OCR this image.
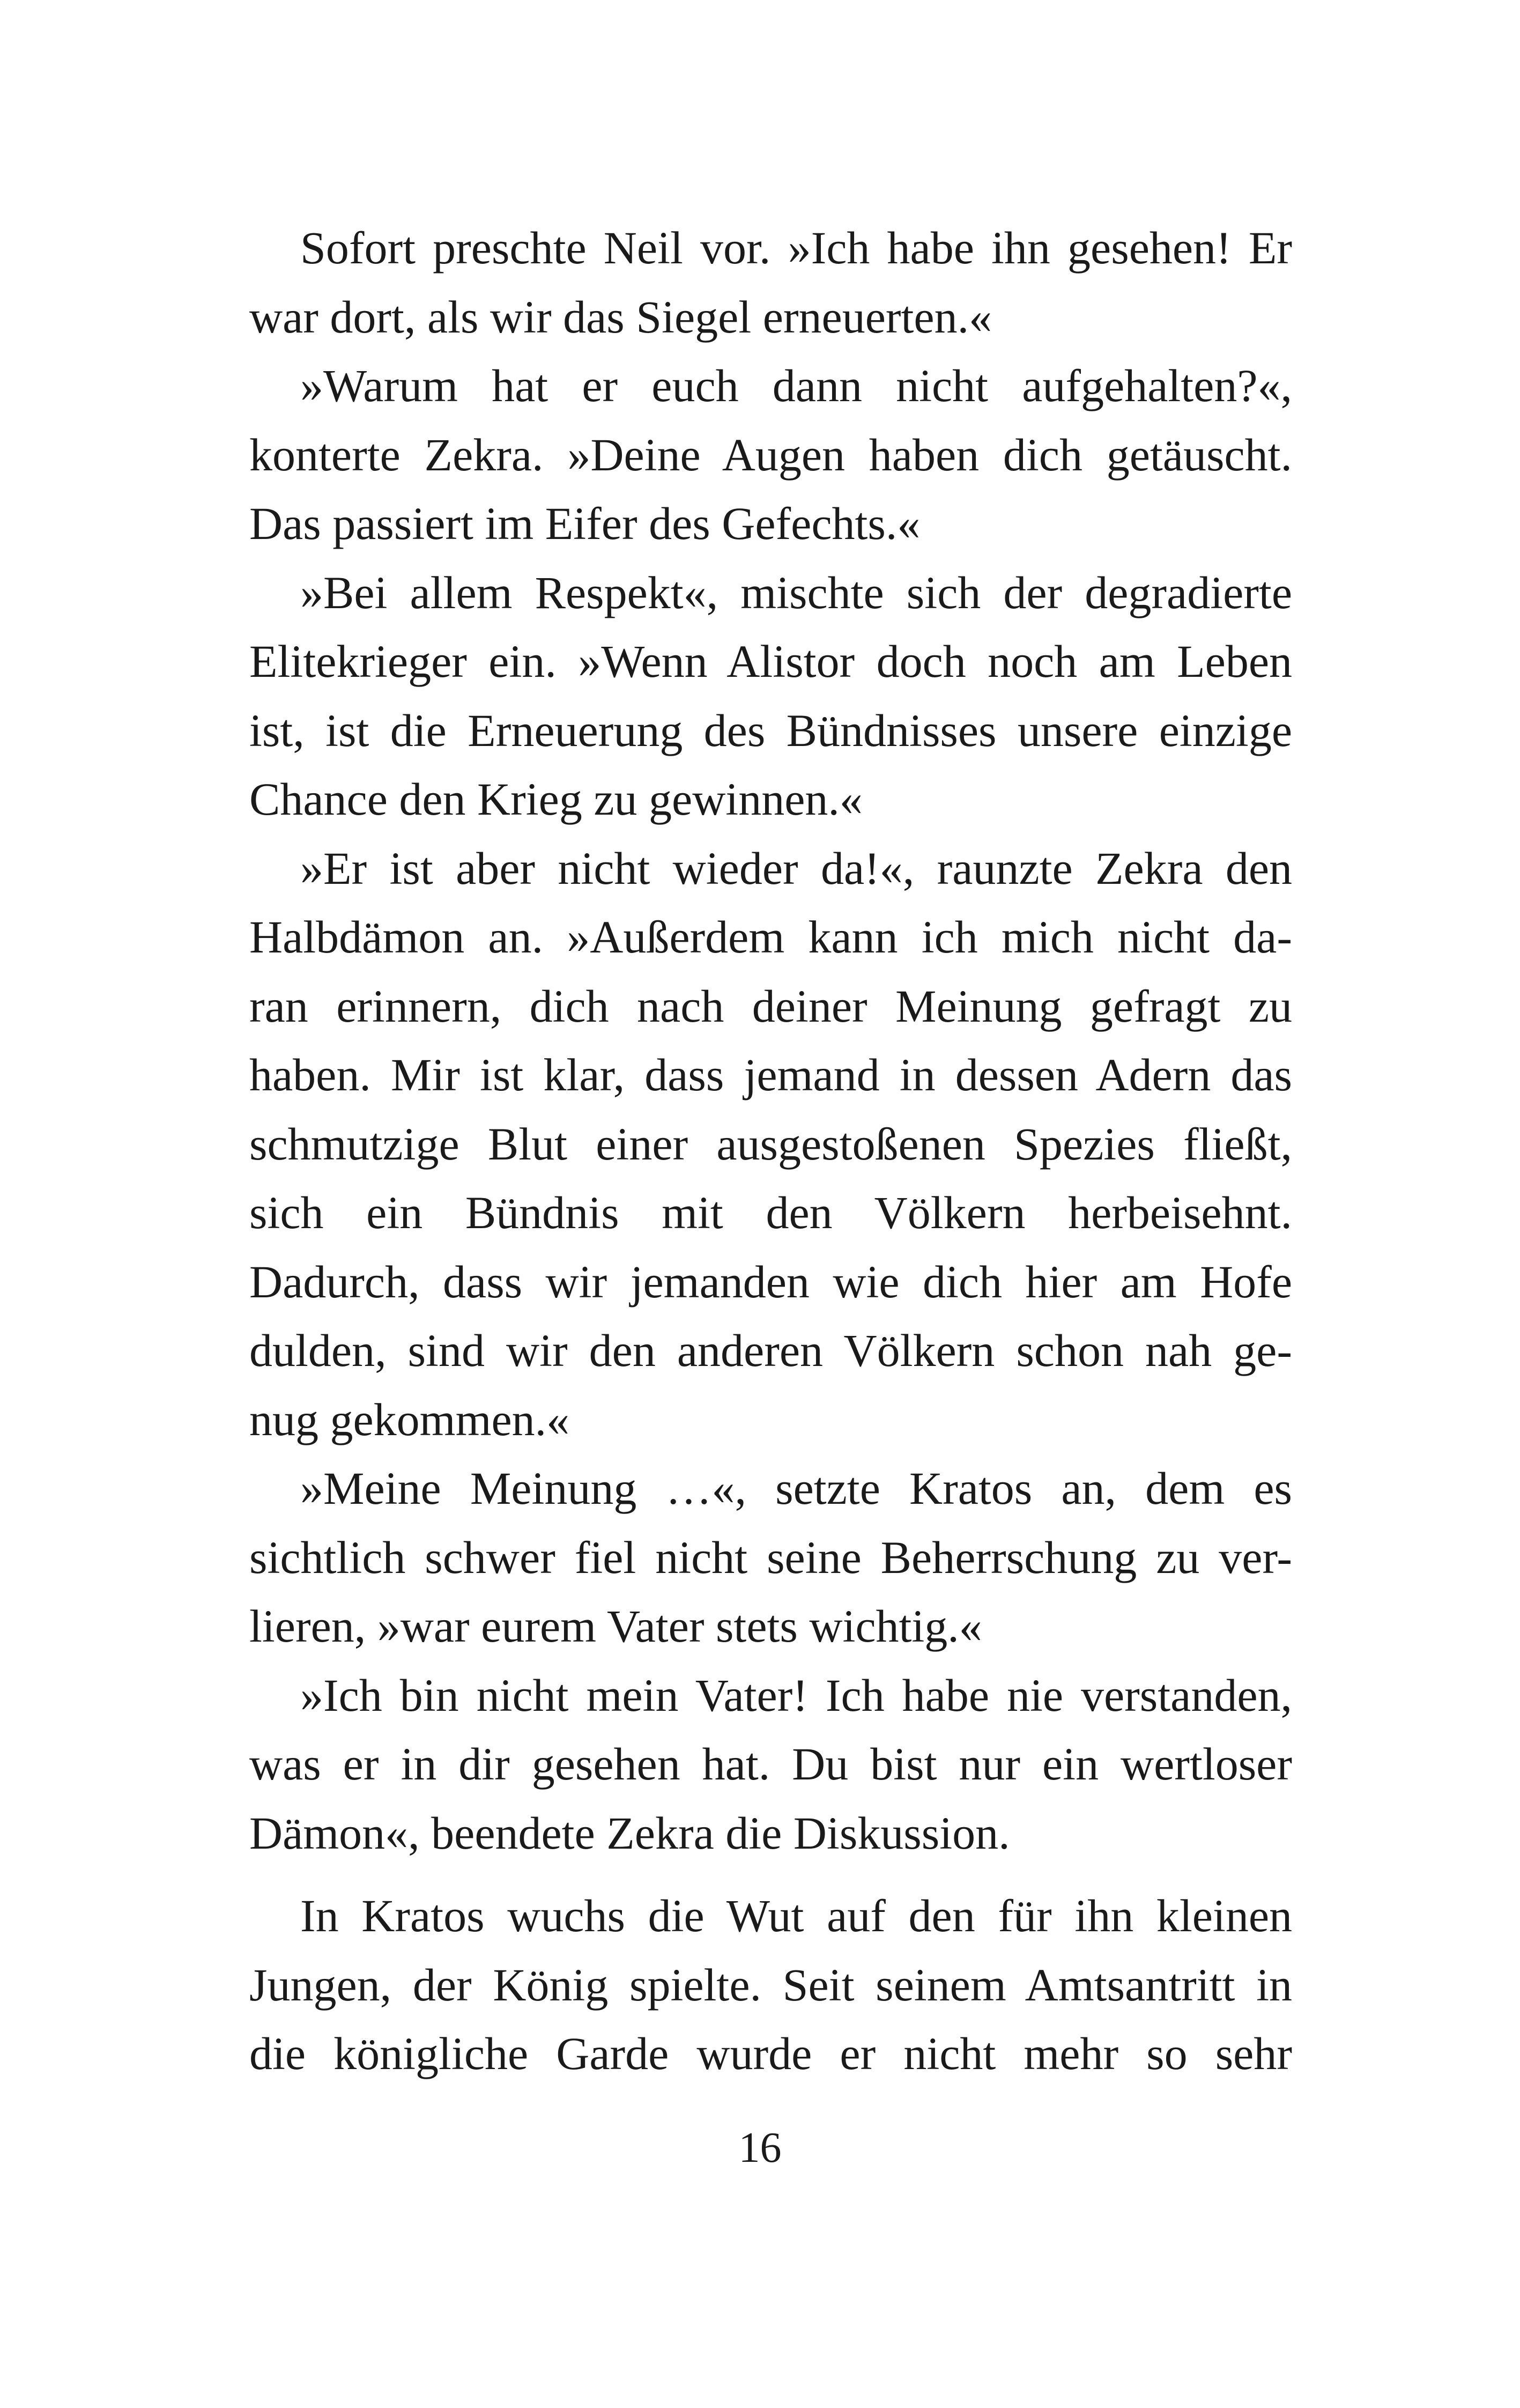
Sofort preschte Neil vor. »Ich habe ihn gesehen! Er
war dort, als wir das Siegel erneuerten.«
»Warum hat er euch dann nicht aufgehalten?«,
konterte Zekra. »Deine Augen haben dich getäuscht.
Das passiert im Eifer des Gefechts.«
»Bei allem Respekt«, mischte sich der degradierte
Elitekrieger ein. »Wenn Alistor doch noch am Leben
ist, ist die Erneuerung des Bündnisses unsere einzige
Chance den Krieg zu gewinnen.«
»Er ist aber nicht wieder da!«, raunzte Zekra den
Halbdämon an. »Außerdem kann ich mich nicht da-
ran erinnern, dich nach deiner Meinung gefragt zu
haben. Mir ist klar, dass jemand in dessen Adern das
schmutzige Blut einer ausgestoßenen Spezies fließt,
sich ein Bündnis mit den Völkern herbeisehnt.
Dadurch, dass wir jemanden wie dich hier am Hofe
dulden, sind wir den anderen Völkern schon nah ge-
nug gekommen.«
»Meine Meinung …«, setzte Kratos an, dem es
sichtlich schwer fiel nicht seine Beherrschung zu ver-
lieren, »war eurem Vater stets wichtig.«
»Ich bin nicht mein Vater! Ich habe nie verstanden,
was er in dir gesehen hat. Du bist nur ein wertloser
Dämon«, beendete Zekra die Diskussion.
In Kratos wuchs die Wut auf den für ihn kleinen
Jungen, der König spielte. Seit seinem Amtsantritt in
die königliche Garde wurde er nicht mehr so sehr
16
